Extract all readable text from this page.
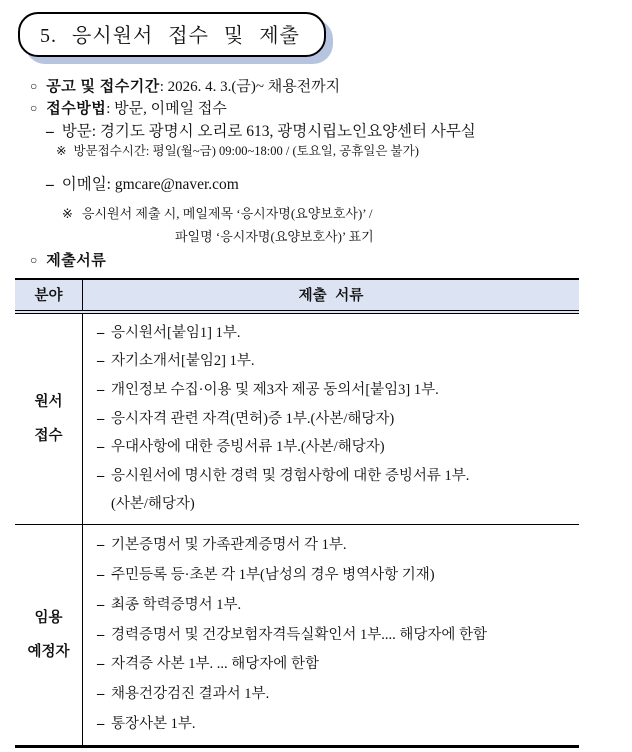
5. 응시원서 접수 및 제출
○ 공고 및 접수기간: 2026. 4. 3.(금)~ 채용전까지
○ 접수방법: 방문, 이메일 접수
– 방문: 경기도 광명시 오리로 613, 광명시립노인요양센터 사무실
※ 방문접수시간: 평일(월~금) 09:00~18:00 / (토요일, 공휴일은 불가)
– 이메일: gmcare@naver.com
※ 응시원서 제출 시, 메일제목 ‘응시자명(요양보호사)’ /
파일명 ‘응시자명(요양보호사)’ 표기
○ 제출서류
분야	제출 서류
원서
접수
– 응시원서[붙임1] 1부.
– 자기소개서[붙임2] 1부.
– 개인정보 수집·이용 및 제3자 제공 동의서[붙임3] 1부.
– 응시자격 관련 자격(면허)증 1부.(사본/해당자)
– 우대사항에 대한 증빙서류 1부.(사본/해당자)
– 응시원서에 명시한 경력 및 경험사항에 대한 증빙서류 1부.
(사본/해당자)
임용
예정자
– 기본증명서 및 가족관계증명서 각 1부.
– 주민등록 등·초본 각 1부(남성의 경우 병역사항 기재)
– 최종 학력증명서 1부.
– 경력증명서 및 건강보험자격득실확인서 1부.... 해당자에 한함
– 자격증 사본 1부. ... 해당자에 한함
– 채용건강검진 결과서 1부.
– 통장사본 1부.
